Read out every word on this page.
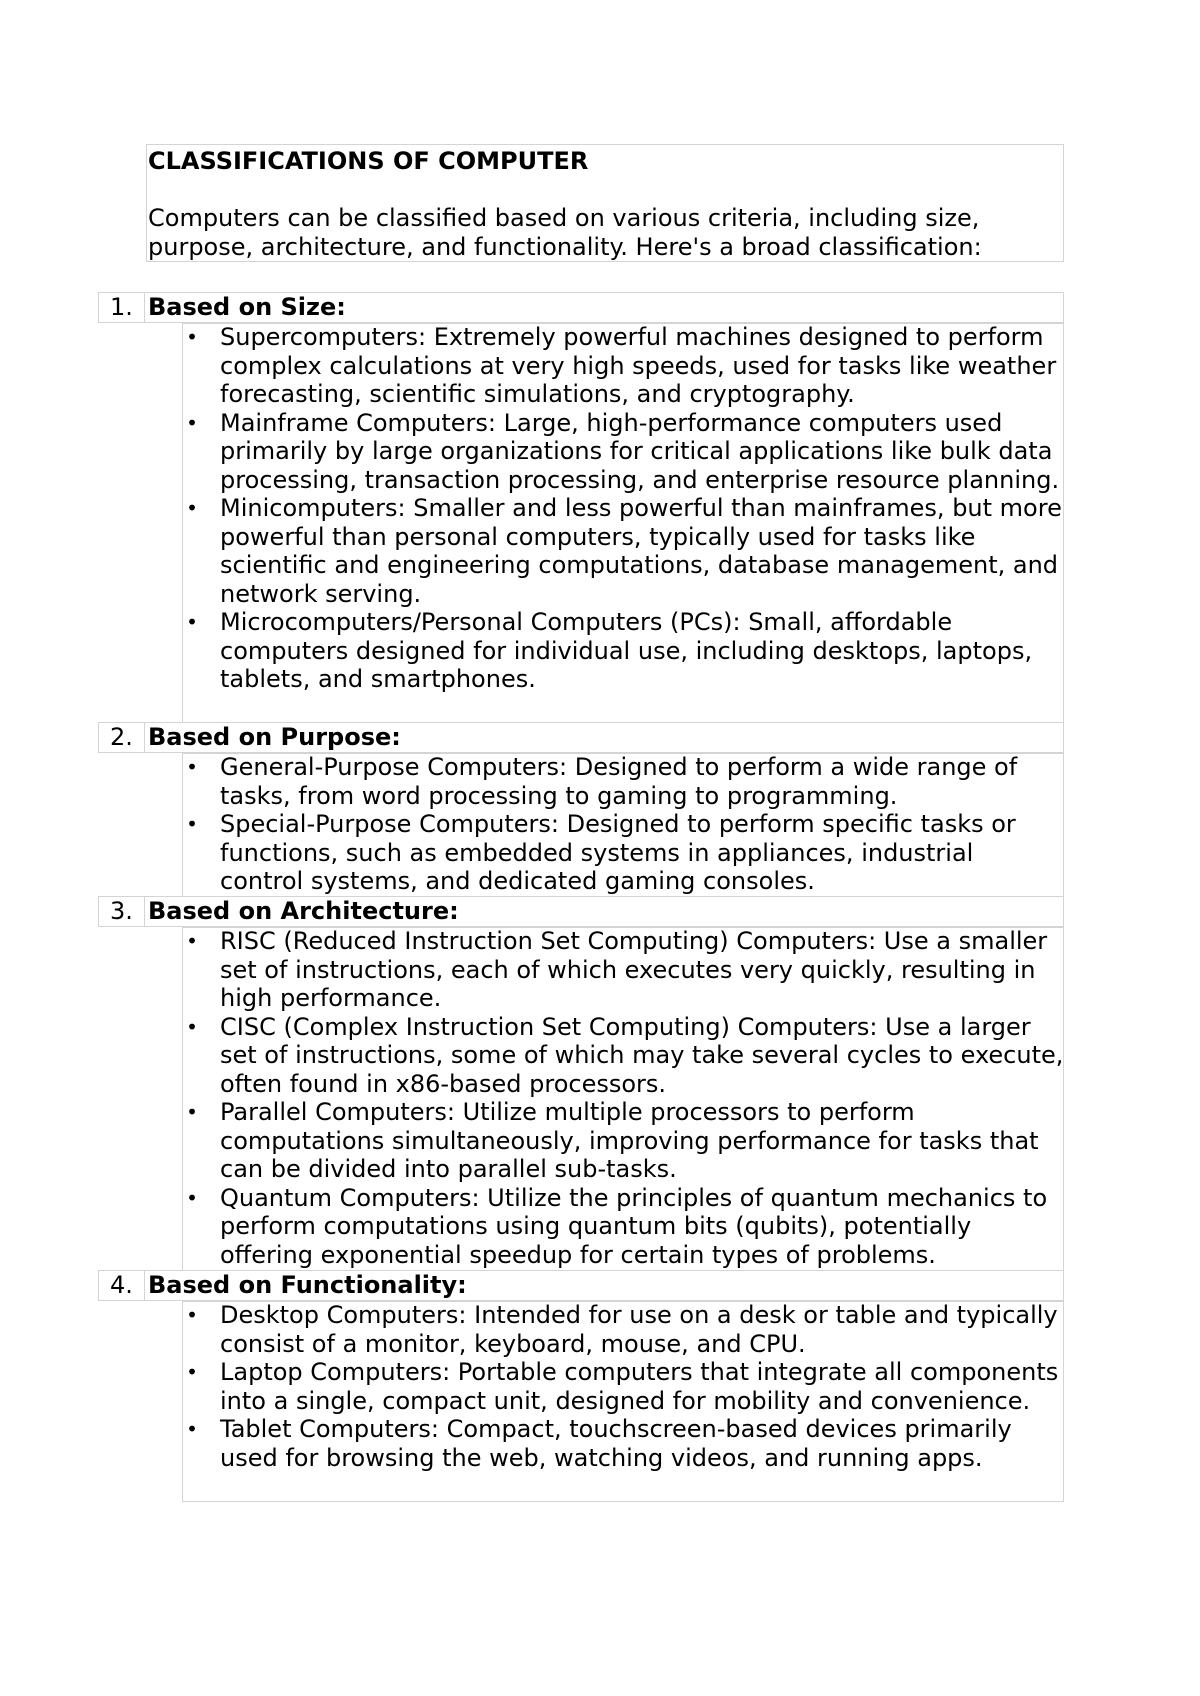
CLASSIFICATIONS OF COMPUTER
Computers can be classified based on various criteria, including size, purpose, architecture, and functionality. Here's a broad classification:
1. Based on Size:
• Supercomputers: Extremely powerful machines designed to perform complex calculations at very high speeds, used for tasks like weather forecasting, scientific simulations, and cryptography.
• Mainframe Computers: Large, high-performance computers used primarily by large organizations for critical applications like bulk data processing, transaction processing, and enterprise resource planning.
• Minicomputers: Smaller and less powerful than mainframes, but more powerful than personal computers, typically used for tasks like scientific and engineering computations, database management, and network serving.
• Microcomputers/Personal Computers (PCs): Small, affordable computers designed for individual use, including desktops, laptops, tablets, and smartphones.
2. Based on Purpose:
• General-Purpose Computers: Designed to perform a wide range of tasks, from word processing to gaming to programming.
• Special-Purpose Computers: Designed to perform specific tasks or functions, such as embedded systems in appliances, industrial control systems, and dedicated gaming consoles.
3. Based on Architecture:
• RISC (Reduced Instruction Set Computing) Computers: Use a smaller set of instructions, each of which executes very quickly, resulting in high performance.
• CISC (Complex Instruction Set Computing) Computers: Use a larger set of instructions, some of which may take several cycles to execute, often found in x86-based processors.
• Parallel Computers: Utilize multiple processors to perform computations simultaneously, improving performance for tasks that can be divided into parallel sub-tasks.
• Quantum Computers: Utilize the principles of quantum mechanics to perform computations using quantum bits (qubits), potentially offering exponential speedup for certain types of problems.
4. Based on Functionality:
• Desktop Computers: Intended for use on a desk or table and typically consist of a monitor, keyboard, mouse, and CPU.
• Laptop Computers: Portable computers that integrate all components into a single, compact unit, designed for mobility and convenience.
• Tablet Computers: Compact, touchscreen-based devices primarily used for browsing the web, watching videos, and running apps.
